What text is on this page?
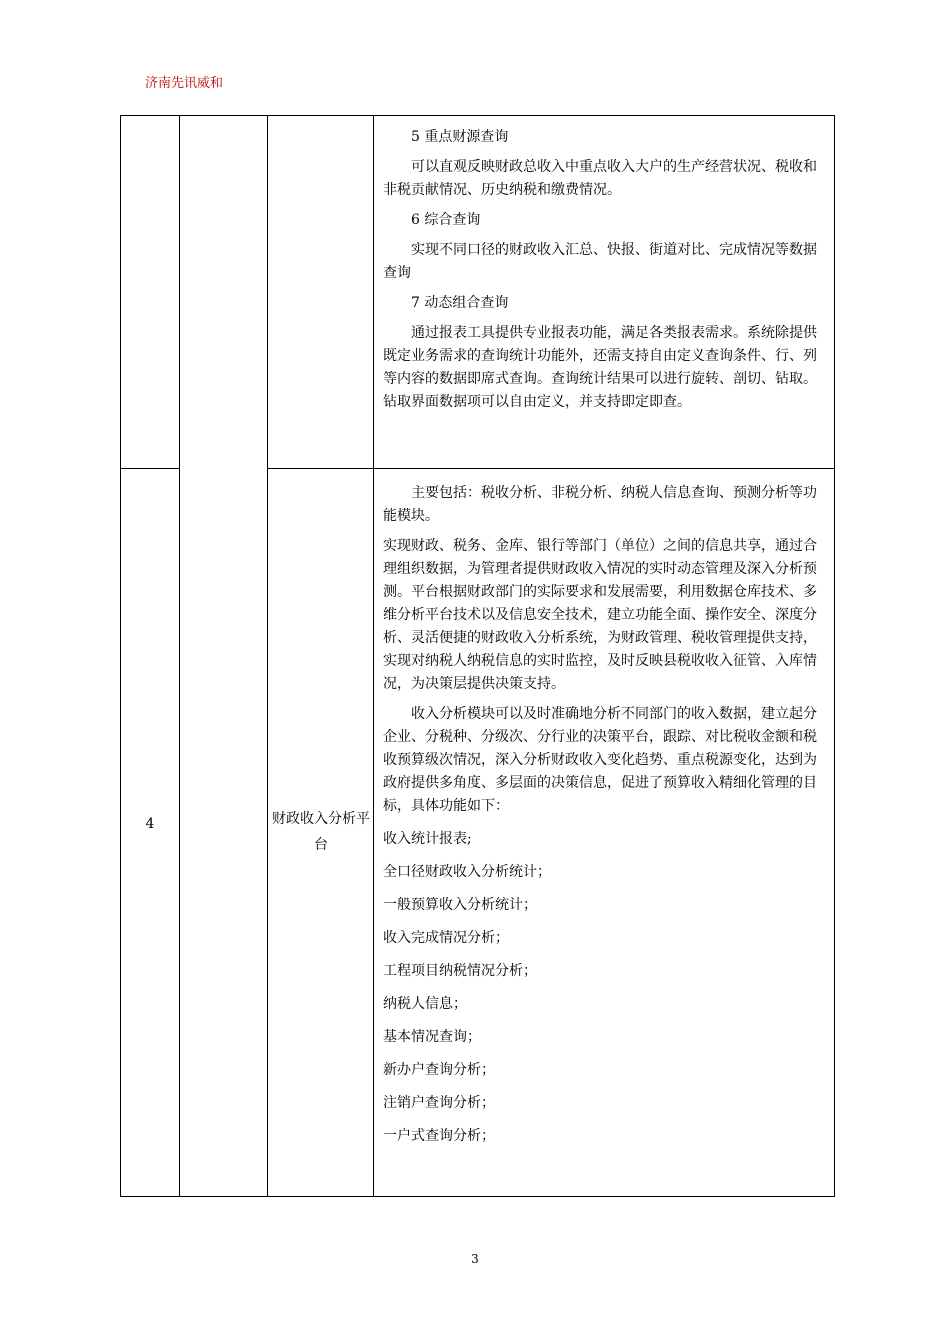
济南先讯威和

5 重点财源查询

可以直观反映财政总收入中重点收入大户的生产经营状况、税收和非税贡献情况、历史纳税和缴费情况。

6 综合查询

实现不同口径的财政收入汇总、快报、街道对比、完成情况等数据查询

7 动态组合查询

通过报表工具提供专业报表功能，满足各类报表需求。系统除提供既定业务需求的查询统计功能外，还需支持自由定义查询条件、行、列等内容的数据即席式查询。查询统计结果可以进行旋转、剖切、钻取。钻取界面数据项可以自由定义，并支持即定即查。

4	财政收入分析平台

主要包括：税收分析、非税分析、纳税人信息查询、预测分析等功能模块。

实现财政、税务、金库、银行等部门（单位）之间的信息共享，通过合理组织数据，为管理者提供财政收入情况的实时动态管理及深入分析预测。平台根据财政部门的实际要求和发展需要，利用数据仓库技术、多维分析平台技术以及信息安全技术，建立功能全面、操作安全、深度分析、灵活便捷的财政收入分析系统，为财政管理、税收管理提供支持，实现对纳税人纳税信息的实时监控，及时反映县税收收入征管、入库情况，为决策层提供决策支持。

收入分析模块可以及时准确地分析不同部门的收入数据，建立起分企业、分税种、分级次、分行业的决策平台，跟踪、对比税收金额和税收预算级次情况，深入分析财政收入变化趋势、重点税源变化，达到为政府提供多角度、多层面的决策信息，促进了预算收入精细化管理的目标，具体功能如下：

收入统计报表;

全口径财政收入分析统计；

一般预算收入分析统计；

收入完成情况分析；

工程项目纳税情况分析；

纳税人信息；

基本情况查询；

新办户查询分析；

注销户查询分析；

一户式查询分析；

3
